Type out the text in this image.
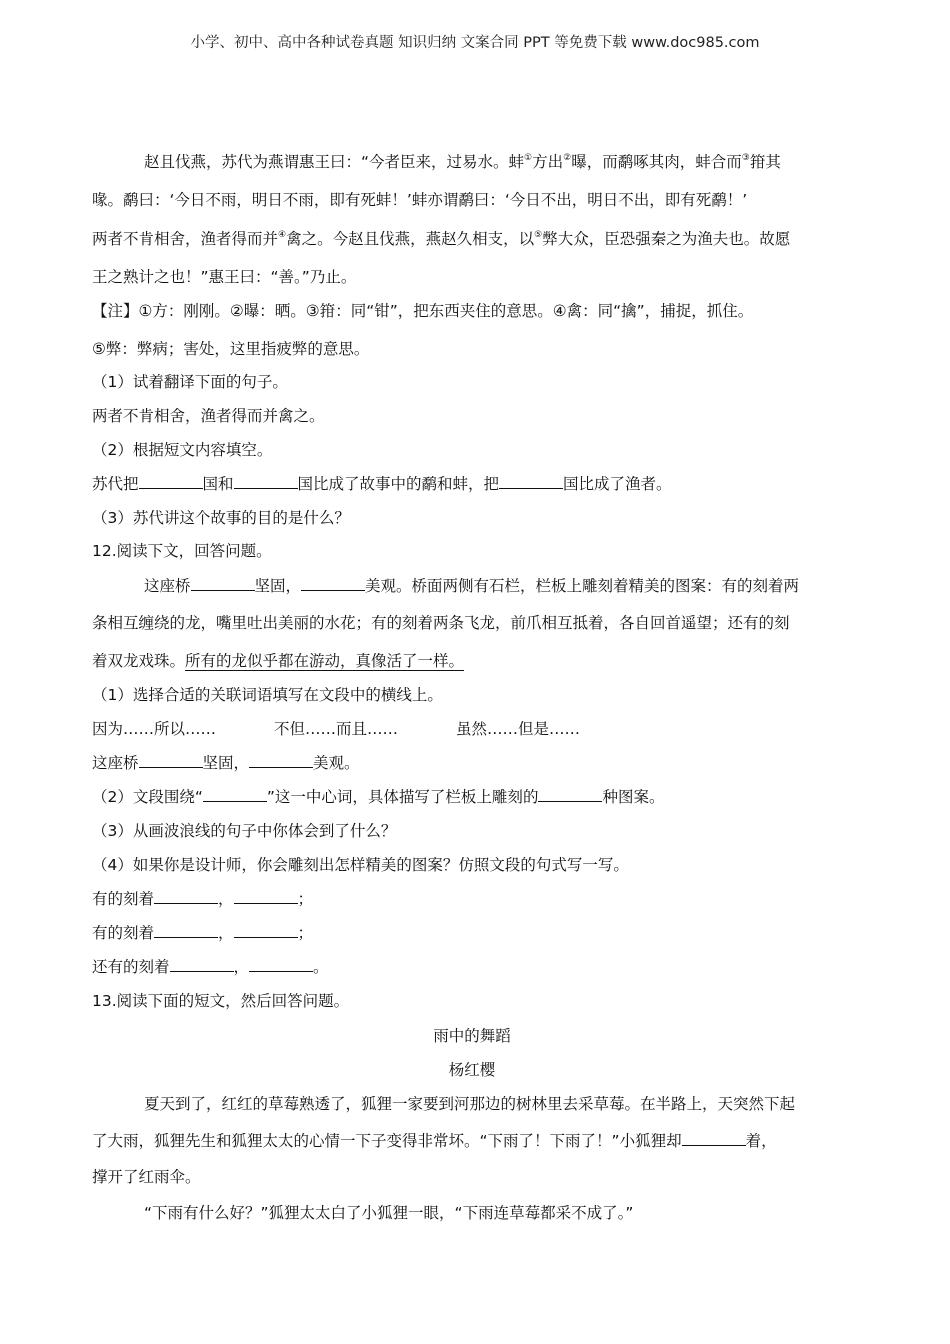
小学、初中、高中各种试卷真题 知识归纳 文案合同 PPT 等免费下载 www.doc985.com
赵且伐燕，苏代为燕谓惠王曰：“今者臣来，过易水。蚌①方出②曝，而鹬啄其肉，蚌合而③箝其
喙。鹬曰：‘今日不雨，明日不雨，即有死蚌！’蚌亦谓鹬曰：‘今日不出，明日不出，即有死鹬！’
两者不肯相舍，渔者得而并④禽之。今赵且伐燕，燕赵久相支，以⑤弊大众，臣恐强秦之为渔夫也。故愿
王之熟计之也！”惠王曰：“善。”乃止。
【注】①方：刚刚。②曝：晒。③箝：同“钳”，把东西夹住的意思。④禽：同“擒”，捕捉，抓住。
⑤弊：弊病；害处，这里指疲弊的意思。
（1）试着翻译下面的句子。
两者不肯相舍，渔者得而并禽之。
（2）根据短文内容填空。
苏代把	国和	国比成了故事中的鹬和蚌，把	国比成了渔者。
（3）苏代讲这个故事的目的是什么？
12.阅读下文，回答问题。
这座桥	坚固，	美观。桥面两侧有石栏，栏板上雕刻着精美的图案：有的刻着两
条相互缠绕的龙，嘴里吐出美丽的水花；有的刻着两条飞龙，前爪相互抵着，各自回首遥望；还有的刻
着双龙戏珠。所有的龙似乎都在游动，真像活了一样。
（1）选择合适的关联词语填写在文段中的横线上。
因为……所以……	不但……而且……	虽然……但是……
这座桥	坚固，	美观。
（2）文段围绕“	”这一中心词，具体描写了栏板上雕刻的	种图案。
（3）从画波浪线的句子中你体会到了什么？
（4）如果你是设计师，你会雕刻出怎样精美的图案？仿照文段的句式写一写。
有的刻着	，	；
有的刻着	，	；
还有的刻着	，	。
13.阅读下面的短文，然后回答问题。
雨中的舞蹈
杨红樱
夏天到了，红红的草莓熟透了，狐狸一家要到河那边的树林里去采草莓。在半路上，天突然下起
了大雨，狐狸先生和狐狸太太的心情一下子变得非常坏。“下雨了！下雨了！”小狐狸却	着，
撑开了红雨伞。
“下雨有什么好？”狐狸太太白了小狐狸一眼，“下雨连草莓都采不成了。”
